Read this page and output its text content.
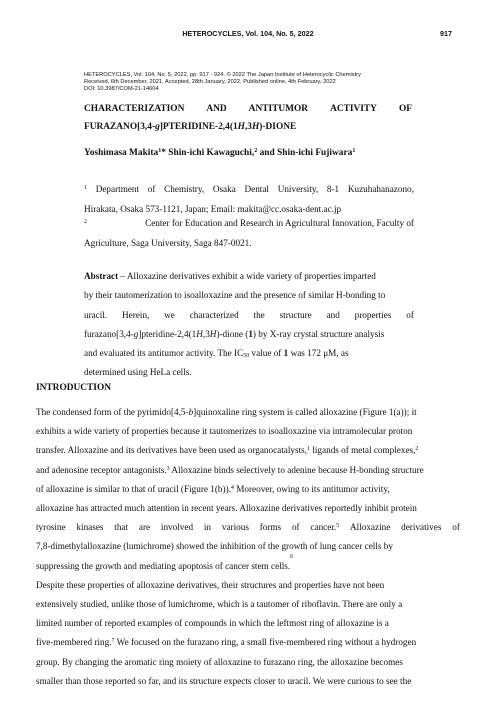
HETEROCYCLES, Vol. 104, No. 5, 2022	917
HETEROCYCLES, Vol. 104, No. 5, 2022, pp. 917 - 924. © 2022 The Japan Institute of Heterocyclic Chemistry
Received, 6th December, 2021, Accepted, 28th January, 2022, Published online, 4th February, 2022
DOI: 10.3987/COM-21-14604
CHARACTERIZATION AND ANTITUMOR ACTIVITY OF
FURAZANO[3,4-g]PTERIDINE-2,4(1H,3H)-DIONE
Yoshimasa Makita$^1$* Shin-ichi Kawaguchi,$^2$ and Shin-ichi Fujiwara$^1$
$^1$ Department of Chemistry, Osaka Dental University, 8-1 Kuzuhahanazono,
Hirakata, Osaka 573-1121, Japan; Email: makita@cc.osaka-dent.ac.jp
$^2$	Center for Education and Research in Agricultural Innovation, Faculty of
Agriculture, Saga University, Saga 847-0021.
Abstract – Alloxazine derivatives exhibit a wide variety of properties imparted
by their tautomerization to isoalloxazine and the presence of similar H-bonding to
uracil. Herein, we characterized the structure and properties of
furazano[3,4-g]pteridine-2,4(1H,3H)-dione (1) by X-ray crystal structure analysis
and evaluated its antitumor activity. The $IC_{50}$ value of 1 was 172 μM, as
determined using HeLa cells.
INTRODUCTION
The condensed form of the pyrimido[4,5-b]quinoxaline ring system is called alloxazine (Figure 1(a)); it
exhibits a wide variety of properties because it tautomerizes to isoalloxazine via intramolecular proton
transfer. Alloxazine and its derivatives have been used as organocatalysts,$^1$ ligands of metal complexes,$^2$
and adenosine receptor antagonists.$^3$ Alloxazine binds selectively to adenine because H-bonding structure
of alloxazine is similar to that of uracil (Figure 1(b)).$^4$ Moreover, owing to its antitumor activity,
alloxazine has attracted much attention in recent years. Alloxazine derivatives reportedly inhibit protein
tyrosine kinases that are involved in various forms of cancer.$^5$ Alloxazine derivatives of
7,8-dimethylalloxazine (lumichrome) showed the inhibition of the growth of lung cancer cells by
suppressing the growth and mediating apoptosis of cancer stem cells.
6
Despite these properties of alloxazine derivatives, their structures and properties have not been
extensively studied, unlike those of lumichrome, which is a tautomer of riboflavin. There are only a
limited number of reported examples of compounds in which the leftmost ring of alloxazine is a
five-membered ring.$^7$ We focused on the furazano ring, a small five-membered ring without a hydrogen
group. By changing the aromatic ring moiety of alloxazine to furazano ring, the alloxazine becomes
smaller than those reported so far, and its structure expects closer to uracil. We were curious to see the
